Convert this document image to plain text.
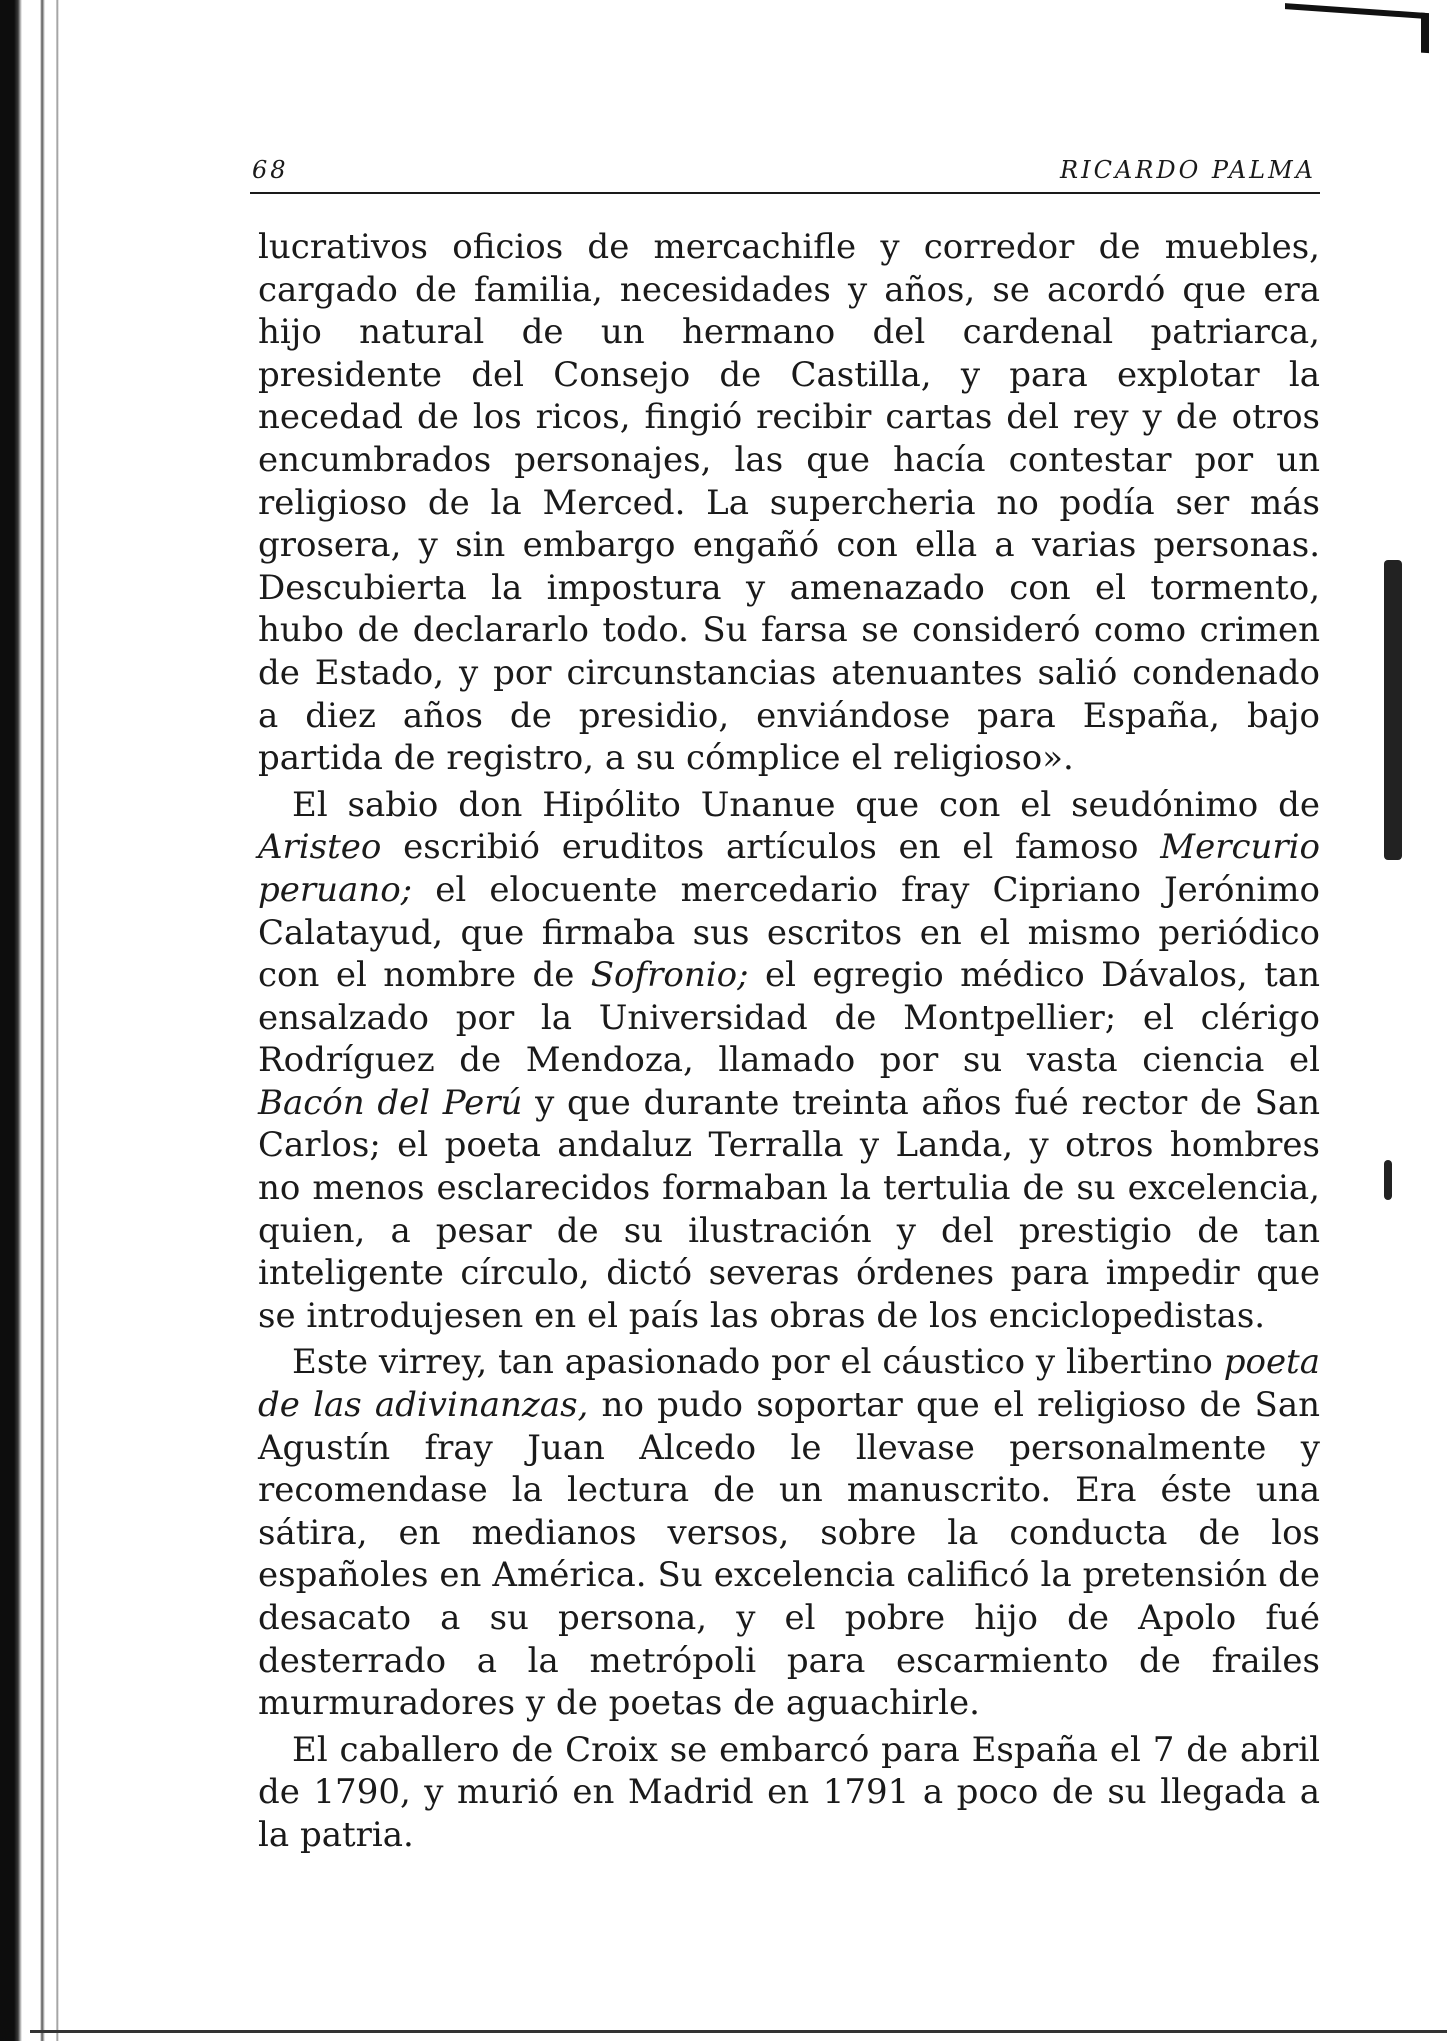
68	RICARDO PALMA

lucrativos oficios de mercachifle y corredor de muebles, cargado de familia, necesidades y años, se acordó que era hijo natural de un hermano del cardenal patriarca, presidente del Consejo de Castilla, y para explotar la necedad de los ricos, fingió recibir cartas del rey y de otros encumbrados personajes, las que hacía contestar por un religioso de la Merced. La supercheria no podía ser más grosera, y sin embargo engañó con ella a varias personas. Descubierta la impostura y amenazado con el tormento, hubo de declararlo todo. Su farsa se consideró como crimen de Estado, y por circunstancias atenuantes salió condenado a diez años de presidio, enviándose para España, bajo partida de registro, a su cómplice el religioso».

El sabio don Hipólito Unanue que con el seudónimo de Aristeo escribió eruditos artículos en el famoso Mercurio peruano; el elocuente mercedario fray Cipriano Jerónimo Calatayud, que firmaba sus escritos en el mismo periódico con el nombre de Sofronio; el egregio médico Dávalos, tan ensalzado por la Universidad de Montpellier; el clérigo Rodríguez de Mendoza, llamado por su vasta ciencia el Bacón del Perú y que durante treinta años fué rector de San Carlos; el poeta andaluz Terralla y Landa, y otros hombres no menos esclarecidos formaban la tertulia de su excelencia, quien, a pesar de su ilustración y del prestigio de tan inteligente círculo, dictó severas órdenes para impedir que se introdujesen en el país las obras de los enciclopedistas.

Este virrey, tan apasionado por el cáustico y libertino poeta de las adivinanzas, no pudo soportar que el religioso de San Agustín fray Juan Alcedo le llevase personalmente y recomendase la lectura de un manuscrito. Era éste una sátira, en medianos versos, sobre la conducta de los españoles en América. Su excelencia calificó la pretensión de desacato a su persona, y el pobre hijo de Apolo fué desterrado a la metrópoli para escarmiento de frailes murmuradores y de poetas de aguachirle.

El caballero de Croix se embarcó para España el 7 de abril de 1790, y murió en Madrid en 1791 a poco de su llegada a la patria.
